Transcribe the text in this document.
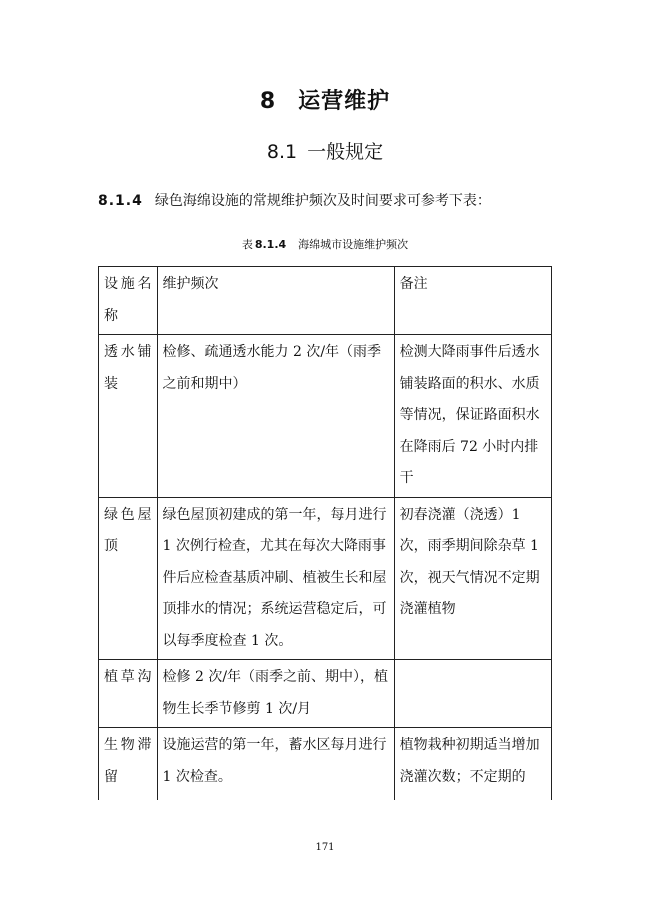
8 运营维护
8.1 一般规定
8.1.4 绿色海绵设施的常规维护频次及时间要求可参考下表：
表 8.1.4 海绵城市设施维护频次
设施名称	维护频次	备注
透水铺装	检修、疏通透水能力 2 次/年（雨季之前和期中）	检测大降雨事件后透水铺装路面的积水、水质等情况，保证路面积水在降雨后 72 小时内排干
绿色屋顶	绿色屋顶初建成的第一年，每月进行 1 次例行检查，尤其在每次大降雨事件后应检查基质冲刷、植被生长和屋顶排水的情况；系统运营稳定后，可以每季度检查 1 次。	初春浇灌（浇透）1 次，雨季期间除杂草 1 次，视天气情况不定期浇灌植物
植草沟	检修 2 次/年（雨季之前、期中），植物生长季节修剪 1 次/月	
生物滞留	设施运营的第一年，蓄水区每月进行 1 次检查。	植物栽种初期适当增加浇灌次数；不定期的
171
